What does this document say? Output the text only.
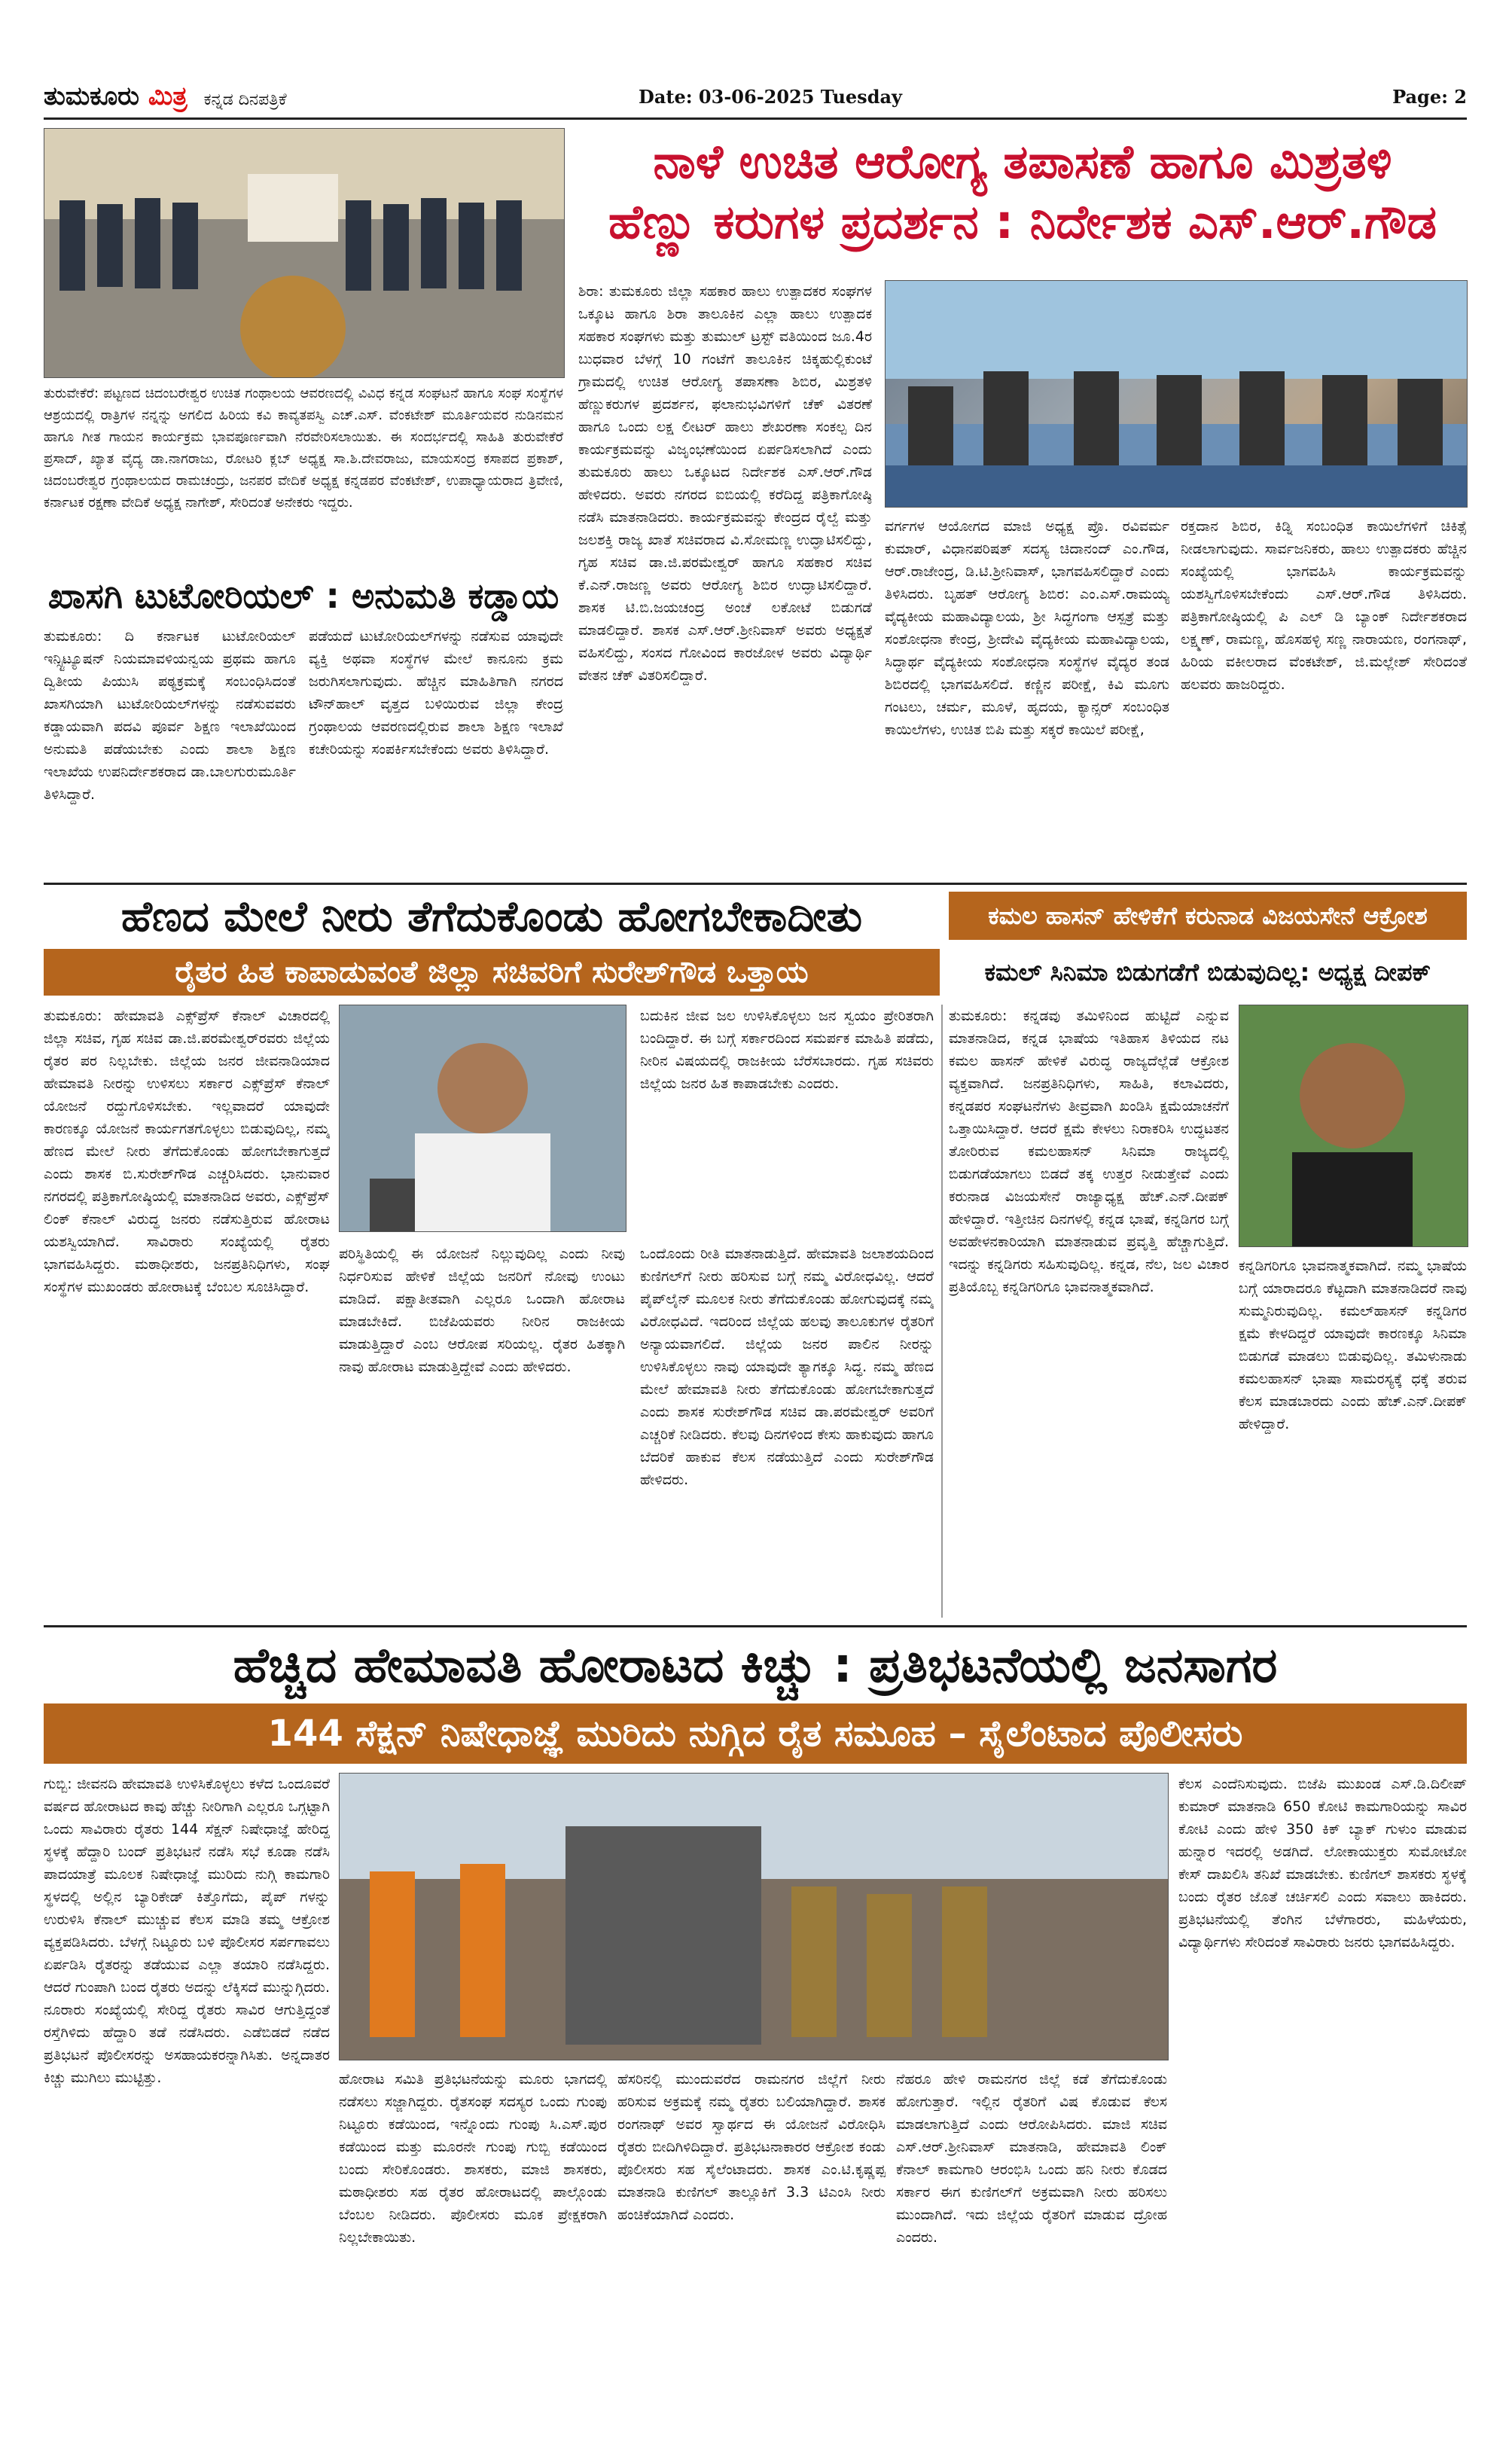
ತುಮಕೂರು ಮಿತ್ರ ಕನ್ನಡ ದಿನಪತ್ರಿಕೆ	Date: 03-06-2025 Tuesday	Page: 2

ತುರುವೇಕೆರೆ: ಪಟ್ಟಣದ ಚಿದಂಬರೇಶ್ವರ ಉಚಿತ ಗಂಥಾಲಯ ಆವರಣದಲ್ಲಿ ವಿವಿಧ ಕನ್ನಡ ಸಂಘಟನೆ ಹಾಗೂ ಸಂಘ ಸಂಸ್ಥೆಗಳ ಆಶ್ರಯದಲ್ಲಿ ರಾತ್ರಿಗಳ ನನ್ನನ್ನು ಅಗಲಿದ ಹಿರಿಯ ಕವಿ ಕಾವ್ಯತಪಸ್ವಿ ಎಚ್.ಎಸ್. ವೆಂಕಟೇಶ್ ಮೂರ್ತಿಯವರ ನುಡಿನಮನ ಹಾಗೂ ಗೀತ ಗಾಯನ ಕಾರ್ಯಕ್ರಮ ಭಾವಪೂರ್ಣವಾಗಿ ನೆರವೇರಿಸಲಾಯಿತು. ಈ ಸಂದರ್ಭದಲ್ಲಿ ಸಾಹಿತಿ ತುರುವೇಕೆರೆ ಪ್ರಸಾದ್, ಖ್ಯಾತ ವೈದ್ಯ ಡಾ.ನಾಗರಾಜು, ರೋಟರಿ ಕ್ಲಬ್ ಅಧ್ಯಕ್ಷ ಸಾ.ಶಿ.ದೇವರಾಜು, ಮಾಯಸಂದ್ರ ಕಸಾಪದ ಪ್ರಕಾಶ್, ಚಿದಂಬರೇಶ್ವರ ಗ್ರಂಥಾಲಯದ ರಾಮಚಂದ್ರು, ಜನಪರ ವೇದಿಕೆ ಅಧ್ಯಕ್ಷ ಕನ್ನಡಪರ ವೆಂಕಟೇಶ್, ಉಪಾಧ್ಯಾಯರಾದ ತ್ರಿವೇಣಿ, ಕರ್ನಾಟಕ ರಕ್ಷಣಾ ವೇದಿಕೆ ಅಧ್ಯಕ್ಷ ನಾಗೇಶ್, ಸೇರಿದಂತೆ ಅನೇಕರು ಇದ್ದರು.

ನಾಳೆ ಉಚಿತ ಆರೋಗ್ಯ ತಪಾಸಣೆ ಹಾಗೂ ಮಿಶ್ರತಳಿ
ಹೆಣ್ಣು ಕರುಗಳ ಪ್ರದರ್ಶನ : ನಿರ್ದೇಶಕ ಎಸ್.ಆರ್.ಗೌಡ

ಶಿರಾ: ತುಮಕೂರು ಜಿಲ್ಲಾ ಸಹಕಾರ ಹಾಲು ಉತ್ಪಾದಕರ ಸಂಘಗಳ ಒಕ್ಕೂಟ ಹಾಗೂ ಶಿರಾ ತಾಲೂಕಿನ ಎಲ್ಲಾ ಹಾಲು ಉತ್ಪಾದಕ ಸಹಕಾರ ಸಂಘಗಳು ಮತ್ತು ತುಮುಲ್ ಟ್ರಸ್ಟ್ ವತಿಯಿಂದ ಜೂ.4ರ ಬುಧವಾರ ಬೆಳಗ್ಗೆ 10 ಗಂಟೆಗೆ ತಾಲೂಕಿನ ಚಿಕ್ಕಹುಲ್ಲಿಕುಂಟೆ ಗ್ರಾಮದಲ್ಲಿ ಉಚಿತ ಆರೋಗ್ಯ ತಪಾಸಣಾ ಶಿಬಿರ, ಮಿಶ್ರತಳಿ ಹೆಣ್ಣುಕರುಗಳ ಪ್ರದರ್ಶನ, ಫಲಾನುಭವಿಗಳಿಗೆ ಚೆಕ್ ವಿತರಣೆ ಹಾಗೂ ಒಂದು ಲಕ್ಷ ಲೀಟರ್ ಹಾಲು ಶೇಖರಣಾ ಸಂಕಲ್ಪ ದಿನ ಕಾರ್ಯಕ್ರಮವನ್ನು ವಿಜೃಂಭಣೆಯಿಂದ ಏರ್ಪಡಿಸಲಾಗಿದೆ ಎಂದು ತುಮಕೂರು ಹಾಲು ಒಕ್ಕೂಟದ ನಿರ್ದೇಶಕ ಎಸ್.ಆರ್.ಗೌಡ ಹೇಳಿದರು. ಅವರು ನಗರದ ಐಬಿಯಲ್ಲಿ ಕರೆದಿದ್ದ ಪತ್ರಿಕಾಗೋಷ್ಠಿ ನಡೆಸಿ ಮಾತನಾಡಿದರು. ಕಾರ್ಯಕ್ರಮವನ್ನು ಕೇಂದ್ರದ ರೈಲ್ವೆ ಮತ್ತು ಜಲಶಕ್ತಿ ರಾಜ್ಯ ಖಾತೆ ಸಚಿವರಾದ ವಿ.ಸೋಮಣ್ಣ ಉದ್ಘಾಟಿಸಲಿದ್ದು, ಗೃಹ ಸಚಿವ ಡಾ.ಜಿ.ಪರಮೇಶ್ವರ್ ಹಾಗೂ ಸಹಕಾರ ಸಚಿವ ಕೆ.ಎನ್.ರಾಜಣ್ಣ ಅವರು ಆರೋಗ್ಯ ಶಿಬಿರ ಉದ್ಘಾಟಿಸಲಿದ್ದಾರೆ. ಶಾಸಕ ಟಿ.ಬಿ.ಜಯಚಂದ್ರ ಅಂಚೆ ಲಕೋಟೆ ಬಿಡುಗಡೆ ಮಾಡಲಿದ್ದಾರೆ. ಶಾಸಕ ಎಸ್.ಆರ್.ಶ್ರೀನಿವಾಸ್ ಅವರು ಅಧ್ಯಕ್ಷತೆ ವಹಿಸಲಿದ್ದು, ಸಂಸದ ಗೋವಿಂದ ಕಾರಜೋಳ ಅವರು ವಿದ್ಯಾರ್ಥಿ ವೇತನ ಚೆಕ್ ವಿತರಿಸಲಿದ್ದಾರೆ.

ವರ್ಗಗಳ ಆಯೋಗದ ಮಾಜಿ ಅಧ್ಯಕ್ಷ ಪ್ರೊ. ರವಿವರ್ಮ ಕುಮಾರ್, ವಿಧಾನಪರಿಷತ್ ಸದಸ್ಯ ಚಿದಾನಂದ್ ಎಂ.ಗೌಡ, ಆರ್.ರಾಜೇಂದ್ರ, ಡಿ.ಟಿ.ಶ್ರೀನಿವಾಸ್, ಭಾಗವಹಿಸಲಿದ್ದಾರೆ ಎಂದು ತಿಳಿಸಿದರು. ಬೃಹತ್ ಆರೋಗ್ಯ ಶಿಬಿರ: ಎಂ.ಎಸ್.ರಾಮಯ್ಯ ವೈದ್ಯಕೀಯ ಮಹಾವಿದ್ಯಾಲಯ, ಶ್ರೀ ಸಿದ್ಧಗಂಗಾ ಆಸ್ಪತ್ರೆ ಮತ್ತು ಸಂಶೋಧನಾ ಕೇಂದ್ರ, ಶ್ರೀದೇವಿ ವೈದ್ಯಕೀಯ ಮಹಾವಿದ್ಯಾಲಯ, ಸಿದ್ಧಾರ್ಥ ವೈದ್ಯಕೀಯ ಸಂಶೋಧನಾ ಸಂಸ್ಥೆಗಳ ವೈದ್ಯರ ತಂಡ ಶಿಬಿರದಲ್ಲಿ ಭಾಗವಹಿಸಲಿದೆ. ಕಣ್ಣಿನ ಪರೀಕ್ಷೆ, ಕಿವಿ ಮೂಗು ಗಂಟಲು, ಚರ್ಮ, ಮೂಳೆ, ಹೃದಯ, ಕ್ಯಾನ್ಸರ್ ಸಂಬಂಧಿತ ಕಾಯಿಲೆಗಳು, ಉಚಿತ ಬಿಪಿ ಮತ್ತು ಸಕ್ಕರೆ ಕಾಯಿಲೆ ಪರೀಕ್ಷೆ,

ರಕ್ತದಾನ ಶಿಬಿರ, ಕಿಡ್ನಿ ಸಂಬಂಧಿತ ಕಾಯಿಲೆಗಳಿಗೆ ಚಿಕಿತ್ಸೆ ನೀಡಲಾಗುವುದು. ಸಾರ್ವಜನಿಕರು, ಹಾಲು ಉತ್ಪಾದಕರು ಹೆಚ್ಚಿನ ಸಂಖ್ಯೆಯಲ್ಲಿ ಭಾಗವಹಿಸಿ ಕಾರ್ಯಕ್ರಮವನ್ನು ಯಶಸ್ವಿಗೊಳಿಸಬೇಕೆಂದು ಎಸ್.ಆರ್.ಗೌಡ ತಿಳಿಸಿದರು. ಪತ್ರಿಕಾಗೋಷ್ಠಿಯಲ್ಲಿ ಪಿ ಎಲ್ ಡಿ ಬ್ಯಾಂಕ್ ನಿರ್ದೇಶಕರಾದ ಲಕ್ಷ್ಮಣ್, ರಾಮಣ್ಣ, ಹೊಸಹಳ್ಳಿ ಸಣ್ಣ ನಾರಾಯಣ, ರಂಗನಾಥ್, ಹಿರಿಯ ವಕೀಲರಾದ ವೆಂಕಟೇಶ್, ಜಿ.ಮಲ್ಲೇಶ್ ಸೇರಿದಂತೆ ಹಲವರು ಹಾಜರಿದ್ದರು.

ಖಾಸಗಿ ಟುಟೋರಿಯಲ್ : ಅನುಮತಿ ಕಡ್ಡಾಯ

ತುಮಕೂರು: ದಿ ಕರ್ನಾಟಕ ಟುಟೋರಿಯಲ್ ಇನ್ಸ್ಟಿಟ್ಯೂಷನ್ ನಿಯಮಾವಳಿಯನ್ವಯ ಪ್ರಥಮ ಹಾಗೂ ದ್ವಿತೀಯ ಪಿಯುಸಿ ಪಠ್ಯಕ್ರಮಕ್ಕೆ ಸಂಬಂಧಿಸಿದಂತೆ ಖಾಸಗಿಯಾಗಿ ಟುಟೋರಿಯಲ್‌ಗಳನ್ನು ನಡೆಸುವವರು ಕಡ್ಡಾಯವಾಗಿ ಪದವಿ ಪೂರ್ವ ಶಿಕ್ಷಣ ಇಲಾಖೆಯಿಂದ ಅನುಮತಿ ಪಡೆಯಬೇಕು ಎಂದು ಶಾಲಾ ಶಿಕ್ಷಣ ಇಲಾಖೆಯ ಉಪನಿರ್ದೇಶಕರಾದ ಡಾ.ಬಾಲಗುರುಮೂರ್ತಿ ತಿಳಿಸಿದ್ದಾರೆ.

ಪಡೆಯದೆ ಟುಟೋರಿಯಲ್‌ಗಳನ್ನು ನಡೆಸುವ ಯಾವುದೇ ವ್ಯಕ್ತಿ ಅಥವಾ ಸಂಸ್ಥೆಗಳ ಮೇಲೆ ಕಾನೂನು ಕ್ರಮ ಜರುಗಿಸಲಾಗುವುದು. ಹೆಚ್ಚಿನ ಮಾಹಿತಿಗಾಗಿ ನಗರದ ಟೌನ್‌ಹಾಲ್ ವೃತ್ತದ ಬಳಿಯಿರುವ ಜಿಲ್ಲಾ ಕೇಂದ್ರ ಗ್ರಂಥಾಲಯ ಆವರಣದಲ್ಲಿರುವ ಶಾಲಾ ಶಿಕ್ಷಣ ಇಲಾಖೆ ಕಚೇರಿಯನ್ನು ಸಂಪರ್ಕಿಸಬೇಕೆಂದು ಅವರು ತಿಳಿಸಿದ್ದಾರೆ.

ಹೆಣದ ಮೇಲೆ ನೀರು ತೆಗೆದುಕೊಂಡು ಹೋಗಬೇಕಾದೀತು
ರೈತರ ಹಿತ ಕಾಪಾಡುವಂತೆ ಜಿಲ್ಲಾ ಸಚಿವರಿಗೆ ಸುರೇಶ್‌ಗೌಡ ಒತ್ತಾಯ
ಕಮಲ ಹಾಸನ್ ಹೇಳಿಕೆಗೆ ಕರುನಾಡ ವಿಜಯಸೇನೆ ಆಕ್ರೋಶ
ಕಮಲ್ ಸಿನಿಮಾ ಬಿಡುಗಡೆಗೆ ಬಿಡುವುದಿಲ್ಲ: ಅಧ್ಯಕ್ಷ ದೀಪಕ್

ತುಮಕೂರು: ಹೇಮಾವತಿ ಎಕ್ಸ್‌ಪ್ರೆಸ್ ಕೆನಾಲ್ ವಿಚಾರದಲ್ಲಿ ಜಿಲ್ಲಾ ಸಚಿವ, ಗೃಹ ಸಚಿವ ಡಾ.ಜಿ.ಪರಮೇಶ್ವರ್‌ರವರು ಜಿಲ್ಲೆಯ ರೈತರ ಪರ ನಿಲ್ಲಬೇಕು. ಜಿಲ್ಲೆಯ ಜನರ ಜೀವನಾಡಿಯಾದ ಹೇಮಾವತಿ ನೀರನ್ನು ಉಳಿಸಲು ಸರ್ಕಾರ ಎಕ್ಸ್‌ಪ್ರೆಸ್ ಕೆನಾಲ್ ಯೋಜನೆ ರದ್ದುಗೊಳಿಸಬೇಕು. ಇಲ್ಲವಾದರೆ ಯಾವುದೇ ಕಾರಣಕ್ಕೂ ಯೋಜನೆ ಕಾರ್ಯಗತಗೊಳ್ಳಲು ಬಿಡುವುದಿಲ್ಲ, ನಮ್ಮ ಹೆಣದ ಮೇಲೆ ನೀರು ತೆಗೆದುಕೊಂಡು ಹೋಗಬೇಕಾಗುತ್ತದೆ ಎಂದು ಶಾಸಕ ಬಿ.ಸುರೇಶ್‌ಗೌಡ ಎಚ್ಚರಿಸಿದರು. ಭಾನುವಾರ ನಗರದಲ್ಲಿ ಪತ್ರಿಕಾಗೋಷ್ಠಿಯಲ್ಲಿ ಮಾತನಾಡಿದ ಅವರು, ಎಕ್ಸ್‌ಪ್ರೆಸ್ ಲಿಂಕ್ ಕೆನಾಲ್ ವಿರುದ್ಧ ಜನರು ನಡೆಸುತ್ತಿರುವ ಹೋರಾಟ ಯಶಸ್ವಿಯಾಗಿದೆ. ಸಾವಿರಾರು ಸಂಖ್ಯೆಯಲ್ಲಿ ರೈತರು ಭಾಗವಹಿಸಿದ್ದರು. ಮಠಾಧೀಶರು, ಜನಪ್ರತಿನಿಧಿಗಳು, ಸಂಘ ಸಂಸ್ಥೆಗಳ ಮುಖಂಡರು ಹೋರಾಟಕ್ಕೆ ಬೆಂಬಲ ಸೂಚಿಸಿದ್ದಾರೆ.

ಬದುಕಿನ ಜೀವ ಜಲ ಉಳಿಸಿಕೊಳ್ಳಲು ಜನ ಸ್ವಯಂ ಪ್ರೇರಿತರಾಗಿ ಬಂದಿದ್ದಾರೆ. ಈ ಬಗ್ಗೆ ಸರ್ಕಾರದಿಂದ ಸಮರ್ಪಕ ಮಾಹಿತಿ ಪಡೆದು, ನೀರಿನ ವಿಷಯದಲ್ಲಿ ರಾಜಕೀಯ ಬೆರೆಸಬಾರದು. ಗೃಹ ಸಚಿವರು ಜಿಲ್ಲೆಯ ಜನರ ಹಿತ ಕಾಪಾಡಬೇಕು ಎಂದರು.

ಪರಿಸ್ಥಿತಿಯಲ್ಲಿ ಈ ಯೋಜನೆ ನಿಲ್ಲುವುದಿಲ್ಲ ಎಂದು ನೀವು ನಿರ್ಧರಿಸುವ ಹೇಳಿಕೆ ಜಿಲ್ಲೆಯ ಜನರಿಗೆ ನೋವು ಉಂಟು ಮಾಡಿದೆ. ಪಕ್ಷಾತೀತವಾಗಿ ಎಲ್ಲರೂ ಒಂದಾಗಿ ಹೋರಾಟ ಮಾಡಬೇಕಿದೆ. ಬಿಜೆಪಿಯವರು ನೀರಿನ ರಾಜಕೀಯ ಮಾಡುತ್ತಿದ್ದಾರೆ ಎಂಬ ಆರೋಪ ಸರಿಯಲ್ಲ. ರೈತರ ಹಿತಕ್ಕಾಗಿ ನಾವು ಹೋರಾಟ ಮಾಡುತ್ತಿದ್ದೇವೆ ಎಂದು ಹೇಳಿದರು.

ಒಂದೊಂದು ರೀತಿ ಮಾತನಾಡುತ್ತಿದೆ. ಹೇಮಾವತಿ ಜಲಾಶಯದಿಂದ ಕುಣಿಗಲ್‌ಗೆ ನೀರು ಹರಿಸುವ ಬಗ್ಗೆ ನಮ್ಮ ವಿರೋಧವಿಲ್ಲ. ಆದರೆ ಪೈಪ್‌ಲೈನ್ ಮೂಲಕ ನೀರು ತೆಗೆದುಕೊಂಡು ಹೋಗುವುದಕ್ಕೆ ನಮ್ಮ ವಿರೋಧವಿದೆ. ಇದರಿಂದ ಜಿಲ್ಲೆಯ ಹಲವು ತಾಲೂಕುಗಳ ರೈತರಿಗೆ ಅನ್ಯಾಯವಾಗಲಿದೆ. ಜಿಲ್ಲೆಯ ಜನರ ಪಾಲಿನ ನೀರನ್ನು ಉಳಿಸಿಕೊಳ್ಳಲು ನಾವು ಯಾವುದೇ ತ್ಯಾಗಕ್ಕೂ ಸಿದ್ಧ. ನಮ್ಮ ಹೆಣದ ಮೇಲೆ ಹೇಮಾವತಿ ನೀರು ತೆಗೆದುಕೊಂಡು ಹೋಗಬೇಕಾಗುತ್ತದೆ ಎಂದು ಶಾಸಕ ಸುರೇಶ್‌ಗೌಡ ಸಚಿವ ಡಾ.ಪರಮೇಶ್ವರ್ ಅವರಿಗೆ ಎಚ್ಚರಿಕೆ ನೀಡಿದರು. ಕೆಲವು ದಿನಗಳಿಂದ ಕೇಸು ಹಾಕುವುದು ಹಾಗೂ ಬೆದರಿಕೆ ಹಾಕುವ ಕೆಲಸ ನಡೆಯುತ್ತಿದೆ ಎಂದು ಸುರೇಶ್‌ಗೌಡ ಹೇಳಿದರು.

ತುಮಕೂರು: ಕನ್ನಡವು ತಮಿಳಿನಿಂದ ಹುಟ್ಟಿದೆ ಎನ್ನುವ ಮಾತನಾಡಿದ, ಕನ್ನಡ ಭಾಷೆಯ ಇತಿಹಾಸ ತಿಳಿಯದ ನಟ ಕಮಲ ಹಾಸನ್ ಹೇಳಿಕೆ ವಿರುದ್ಧ ರಾಜ್ಯದೆಲ್ಲೆಡೆ ಆಕ್ರೋಶ ವ್ಯಕ್ತವಾಗಿದೆ. ಜನಪ್ರತಿನಿಧಿಗಳು, ಸಾಹಿತಿ, ಕಲಾವಿದರು, ಕನ್ನಡಪರ ಸಂಘಟನೆಗಳು ತೀವ್ರವಾಗಿ ಖಂಡಿಸಿ ಕ್ಷಮೆಯಾಚನೆಗೆ ಒತ್ತಾಯಿಸಿದ್ದಾರೆ. ಆದರೆ ಕ್ಷಮೆ ಕೇಳಲು ನಿರಾಕರಿಸಿ ಉದ್ಧಟತನ ತೋರಿರುವ ಕಮಲಹಾಸನ್ ಸಿನಿಮಾ ರಾಜ್ಯದಲ್ಲಿ ಬಿಡುಗಡೆಯಾಗಲು ಬಿಡದೆ ತಕ್ಕ ಉತ್ತರ ನೀಡುತ್ತೇವೆ ಎಂದು ಕರುನಾಡ ವಿಜಯಸೇನೆ ರಾಜ್ಯಾಧ್ಯಕ್ಷ ಹೆಚ್.ಎನ್.ದೀಪಕ್ ಹೇಳಿದ್ದಾರೆ. ಇತ್ತೀಚಿನ ದಿನಗಳಲ್ಲಿ ಕನ್ನಡ ಭಾಷೆ, ಕನ್ನಡಿಗರ ಬಗ್ಗೆ ಅವಹೇಳನಕಾರಿಯಾಗಿ ಮಾತನಾಡುವ ಪ್ರವೃತ್ತಿ ಹೆಚ್ಚಾಗುತ್ತಿದೆ. ಇದನ್ನು ಕನ್ನಡಿಗರು ಸಹಿಸುವುದಿಲ್ಲ. ಕನ್ನಡ, ನೆಲ, ಜಲ ವಿಚಾರ ಪ್ರತಿಯೊಬ್ಬ ಕನ್ನಡಿಗರಿಗೂ ಭಾವನಾತ್ಮಕವಾಗಿದೆ.

ಕನ್ನಡಿಗರಿಗೂ ಭಾವನಾತ್ಮಕವಾಗಿದೆ. ನಮ್ಮ ಭಾಷೆಯ ಬಗ್ಗೆ ಯಾರಾದರೂ ಕೆಟ್ಟದಾಗಿ ಮಾತನಾಡಿದರೆ ನಾವು ಸುಮ್ಮನಿರುವುದಿಲ್ಲ. ಕಮಲ್‌ಹಾಸನ್ ಕನ್ನಡಿಗರ ಕ್ಷಮೆ ಕೇಳದಿದ್ದರೆ ಯಾವುದೇ ಕಾರಣಕ್ಕೂ ಸಿನಿಮಾ ಬಿಡುಗಡೆ ಮಾಡಲು ಬಿಡುವುದಿಲ್ಲ. ತಮಿಳುನಾಡು ಕಮಲಹಾಸನ್ ಭಾಷಾ ಸಾಮರಸ್ಯಕ್ಕೆ ಧಕ್ಕೆ ತರುವ ಕೆಲಸ ಮಾಡಬಾರದು ಎಂದು ಹೆಚ್.ಎನ್.ದೀಪಕ್ ಹೇಳಿದ್ದಾರೆ.

ಹೆಚ್ಚಿದ ಹೇಮಾವತಿ ಹೋರಾಟದ ಕಿಚ್ಚು : ಪ್ರತಿಭಟನೆಯಲ್ಲಿ ಜನಸಾಗರ
144 ಸೆಕ್ಷನ್ ನಿಷೇಧಾಜ್ಞೆ ಮುರಿದು ನುಗ್ಗಿದ ರೈತ ಸಮೂಹ – ಸೈಲೆಂಟಾದ ಪೊಲೀಸರು

ಗುಬ್ಬಿ: ಜೀವನದಿ ಹೇಮಾವತಿ ಉಳಿಸಿಕೊಳ್ಳಲು ಕಳೆದ ಒಂದೂವರೆ ವರ್ಷದ ಹೋರಾಟದ ಕಾವು ಹೆಚ್ಚು ನೀರಿಗಾಗಿ ಎಲ್ಲರೂ ಒಗ್ಗಟ್ಟಾಗಿ ಒಂದು ಸಾವಿರಾರು ರೈತರು 144 ಸೆಕ್ಷನ್ ನಿಷೇಧಾಜ್ಞೆ ಹೇರಿದ್ದ ಸ್ಥಳಕ್ಕೆ ಹೆದ್ದಾರಿ ಬಂದ್ ಪ್ರತಿಭಟನೆ ನಡೆಸಿ ಸಭೆ ಕೂಡಾ ನಡೆಸಿ ಪಾದಯಾತ್ರೆ ಮೂಲಕ ನಿಷೇಧಾಜ್ಞೆ ಮುರಿದು ನುಗ್ಗಿ ಕಾಮಗಾರಿ ಸ್ಥಳದಲ್ಲಿ ಅಲ್ಲಿನ ಬ್ಯಾರಿಕೇಡ್ ಕಿತ್ತೊಗೆದು, ಪೈಪ್ ಗಳನ್ನು ಉರುಳಿಸಿ ಕೆನಾಲ್ ಮುಚ್ಚುವ ಕೆಲಸ ಮಾಡಿ ತಮ್ಮ ಆಕ್ರೋಶ ವ್ಯಕ್ತಪಡಿಸಿದರು. ಬೆಳಗ್ಗೆ ನಿಟ್ಟೂರು ಬಳಿ ಪೊಲೀಸರ ಸರ್ಪಗಾವಲು ಏರ್ಪಡಿಸಿ ರೈತರನ್ನು ತಡೆಯುವ ಎಲ್ಲಾ ತಯಾರಿ ನಡೆಸಿದ್ದರು. ಆದರೆ ಗುಂಪಾಗಿ ಬಂದ ರೈತರು ಅದನ್ನು ಲೆಕ್ಕಿಸದೆ ಮುನ್ನುಗ್ಗಿದರು. ನೂರಾರು ಸಂಖ್ಯೆಯಲ್ಲಿ ಸೇರಿದ್ದ ರೈತರು ಸಾವಿರ ಆಗುತ್ತಿದ್ದಂತೆ ರಸ್ತೆಗಿಳಿದು ಹೆದ್ದಾರಿ ತಡೆ ನಡೆಸಿದರು. ಎಡೆಬಿಡದೆ ನಡೆದ ಪ್ರತಿಭಟನೆ ಪೊಲೀಸರನ್ನು ಅಸಹಾಯಕರನ್ನಾಗಿಸಿತು. ಅನ್ನದಾತರ ಕಿಚ್ಚು ಮುಗಿಲು ಮುಟ್ಟಿತ್ತು.	ಹೋರಾಟ ಸಮಿತಿ ಪ್ರತಿಭಟನೆಯನ್ನು ಮೂರು ಭಾಗದಲ್ಲಿ ನಡೆಸಲು ಸಜ್ಜಾಗಿದ್ದರು. ರೈತಸಂಘ ಸದಸ್ಯರ ಒಂದು ಗುಂಪು ನಿಟ್ಟೂರು ಕಡೆಯಿಂದ, ಇನ್ನೊಂದು ಗುಂಪು ಸಿ.ಎಸ್.ಪುರ ಕಡೆಯಿಂದ ಮತ್ತು ಮೂರನೇ ಗುಂಪು ಗುಬ್ಬಿ ಕಡೆಯಿಂದ ಬಂದು ಸೇರಿಕೊಂಡರು. ಶಾಸಕರು, ಮಾಜಿ ಶಾಸಕರು, ಮಠಾಧೀಶರು ಸಹ ರೈತರ ಹೋರಾಟದಲ್ಲಿ ಪಾಲ್ಗೊಂಡು ಬೆಂಬಲ ನೀಡಿದರು. ಪೊಲೀಸರು ಮೂಕ ಪ್ರೇಕ್ಷಕರಾಗಿ ನಿಲ್ಲಬೇಕಾಯಿತು.

ಹೆಸರಿನಲ್ಲಿ ಮುಂದುವರೆದ ರಾಮನಗರ ಜಿಲ್ಲೆಗೆ ನೀರು ಹರಿಸುವ ಅಕ್ರಮಕ್ಕೆ ನಮ್ಮ ರೈತರು ಬಲಿಯಾಗಿದ್ದಾರೆ. ಶಾಸಕ ರಂಗನಾಥ್ ಅವರ ಸ್ವಾರ್ಥದ ಈ ಯೋಜನೆ ವಿರೋಧಿಸಿ ರೈತರು ಬೀದಿಗಿಳಿದಿದ್ದಾರೆ. ಪ್ರತಿಭಟನಾಕಾರರ ಆಕ್ರೋಶ ಕಂಡು ಪೊಲೀಸರು ಸಹ ಸೈಲೆಂಟಾದರು. ಶಾಸಕ ಎಂ.ಟಿ.ಕೃಷ್ಣಪ್ಪ ಮಾತನಾಡಿ ಕುಣಿಗಲ್ ತಾಲ್ಲೂಕಿಗೆ 3.3 ಟಿಎಂಸಿ ನೀರು ಹಂಚಿಕೆಯಾಗಿದೆ ಎಂದರು.

ನೆಹರೂ ಹೇಳಿ ರಾಮನಗರ ಜಿಲ್ಲೆ ಕಡೆ ತೆಗೆದುಕೊಂಡು ಹೋಗುತ್ತಾರೆ. ಇಲ್ಲಿನ ರೈತರಿಗೆ ವಿಷ ಕೊಡುವ ಕೆಲಸ ಮಾಡಲಾಗುತ್ತಿದೆ ಎಂದು ಆರೋಪಿಸಿದರು. ಮಾಜಿ ಸಚಿವ ಎಸ್.ಆರ್.ಶ್ರೀನಿವಾಸ್ ಮಾತನಾಡಿ, ಹೇಮಾವತಿ ಲಿಂಕ್ ಕೆನಾಲ್ ಕಾಮಗಾರಿ ಆರಂಭಿಸಿ ಒಂದು ಹನಿ ನೀರು ಕೊಡದ ಸರ್ಕಾರ ಈಗ ಕುಣಿಗಲ್‌ಗೆ ಅಕ್ರಮವಾಗಿ ನೀರು ಹರಿಸಲು ಮುಂದಾಗಿದೆ. ಇದು ಜಿಲ್ಲೆಯ ರೈತರಿಗೆ ಮಾಡುವ ದ್ರೋಹ ಎಂದರು.

ಕೆಲಸ ಎಂದೆನಿಸುವುದು. ಬಿಜೆಪಿ ಮುಖಂಡ ಎಸ್.ಡಿ.ದಿಲೀಪ್ ಕುಮಾರ್ ಮಾತನಾಡಿ 650 ಕೋಟಿ ಕಾಮಗಾರಿಯನ್ನು ಸಾವಿರ ಕೋಟಿ ಎಂದು ಹೇಳಿ 350 ಕಿಕ್ ಬ್ಯಾಕ್ ಗುಳುಂ ಮಾಡುವ ಹುನ್ನಾರ ಇದರಲ್ಲಿ ಅಡಗಿದೆ. ಲೋಕಾಯುಕ್ತರು ಸುಮೋಟೋ ಕೇಸ್ ದಾಖಲಿಸಿ ತನಿಖೆ ಮಾಡಬೇಕು. ಕುಣಿಗಲ್ ಶಾಸಕರು ಸ್ಥಳಕ್ಕೆ ಬಂದು ರೈತರ ಜೊತೆ ಚರ್ಚಿಸಲಿ ಎಂದು ಸವಾಲು ಹಾಕಿದರು. ಪ್ರತಿಭಟನೆಯಲ್ಲಿ ತೆಂಗಿನ ಬೆಳೆಗಾರರು, ಮಹಿಳೆಯರು, ವಿದ್ಯಾರ್ಥಿಗಳು ಸೇರಿದಂತೆ ಸಾವಿರಾರು ಜನರು ಭಾಗವಹಿಸಿದ್ದರು.
